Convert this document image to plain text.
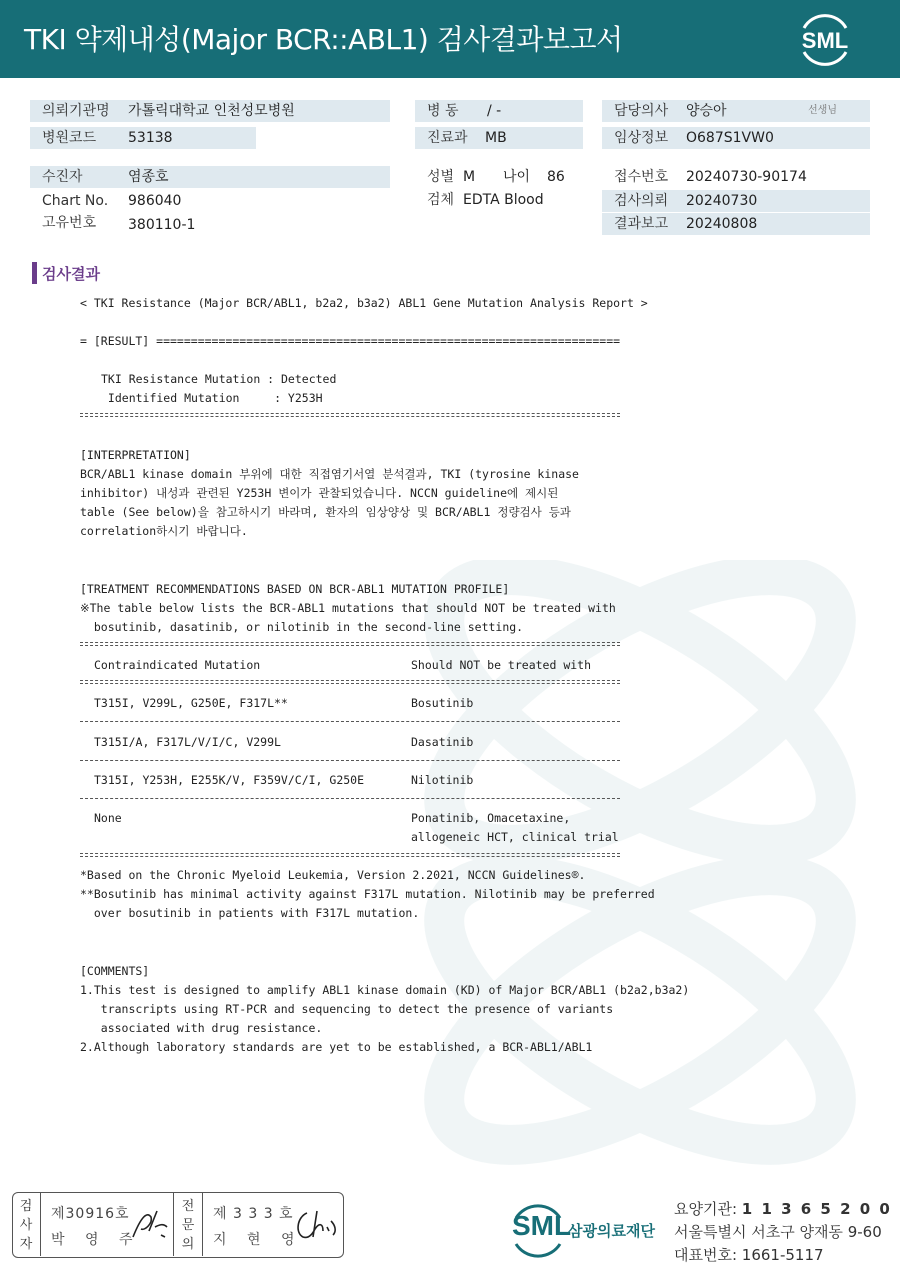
TKI 약제내성(Major BCR::ABL1) 검사결과보고서	SML
의뢰기관명 가톨릭대학교 인천성모병원
병원코드 53138
병 동 / -
진료과 MB
담당의사 양승아	선생님
임상정보 O687S1VW0
수진자	염종호
Chart No. 986040
고유번호 380110-1
성별 M 나이 86
검체 EDTA Blood
접수번호 20240730-90174
검사의뢰 20240730
결과보고 20240808
검사결과
< TKI Resistance (Major BCR/ABL1, b2a2, b3a2) ABL1 Gene Mutation Analysis Report >
= [RESULT] ===================================================================
TKI Resistance Mutation : Detected
Identified Mutation     : Y253H
[INTERPRETATION]
BCR/ABL1 kinase domain 부위에 대한 직접염기서열 분석결과, TKI (tyrosine kinase
inhibitor) 내성과 관련된 Y253H 변이가 관찰되었습니다. NCCN guideline에 제시된
table (See below)을 참고하시기 바라며, 환자의 임상양상 및 BCR/ABL1 정량검사 등과
correlation하시기 바랍니다.
[TREATMENT RECOMMENDATIONS BASED ON BCR-ABL1 MUTATION PROFILE]
※The table below lists the BCR-ABL1 mutations that should NOT be treated with
bosutinib, dasatinib, or nilotinib in the second-line setting.
Contraindicated Mutation	Should NOT be treated with
T315I, V299L, G250E, F317L**	Bosutinib
T315I/A, F317L/V/I/C, V299L	Dasatinib
T315I, Y253H, E255K/V, F359V/C/I, G250E	Nilotinib
None	Ponatinib, Omacetaxine,
allogeneic HCT, clinical trial
*Based on the Chronic Myeloid Leukemia, Version 2.2021, NCCN Guidelines®.
**Bosutinib has minimal activity against F317L mutation. Nilotinib may be preferred
over bosutinib in patients with F317L mutation.
[COMMENTS]
1.This test is designed to amplify ABL1 kinase domain (KD) of Major BCR/ABL1 (b2a2,b3a2)
transcripts using RT-PCR and sequencing to detect the presence of variants
associated with drug resistance.
2.Although laboratory standards are yet to be established, a BCR-ABL1/ABL1
검
사
자
제30916호
박 영 주
전
문
의
제 3 3 3 호
지 현 영	SML
삼광의료재단
요양기관: 1 1 3 6 5 2 0 0
서울특별시 서초구 양재동 9-60
대표번호: 1661-5117
